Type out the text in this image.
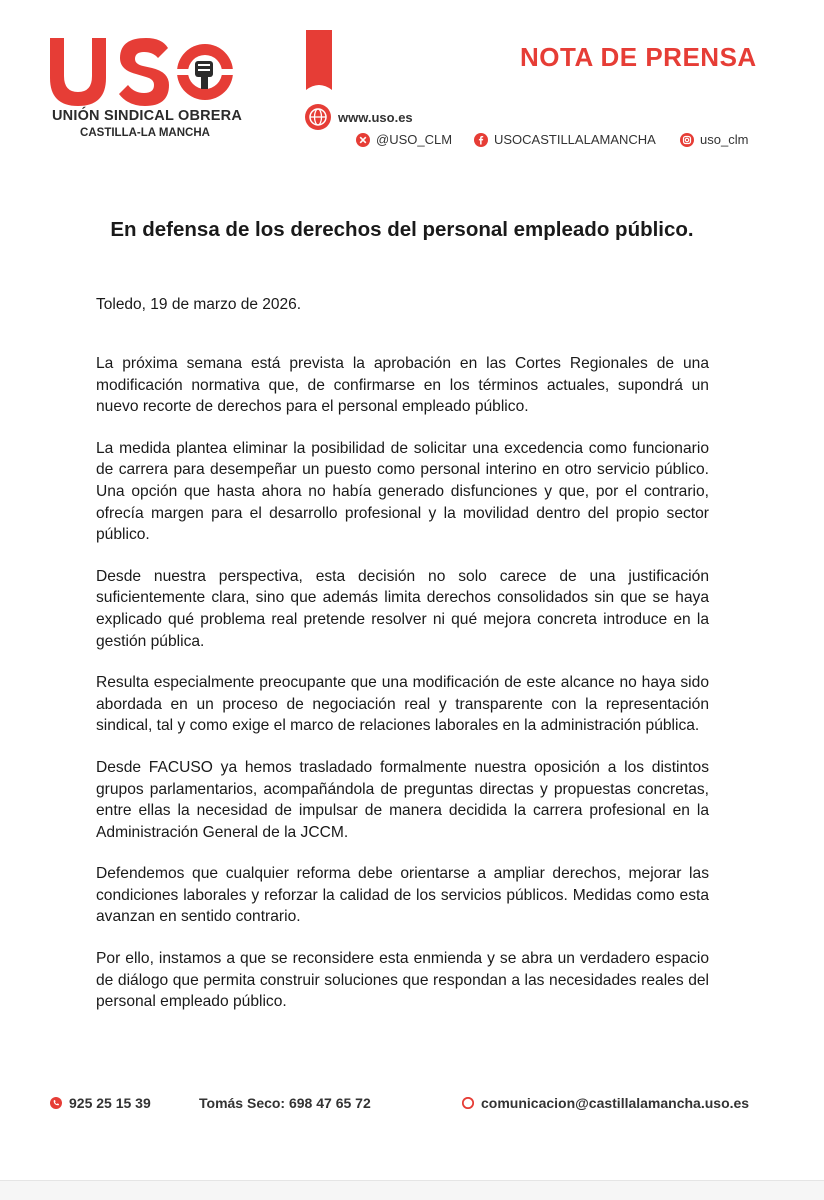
UNIÓN SINDICAL OBRERA
CASTILLA-LA MANCHA
www.uso.es
@USO_CLM	USOCASTILLALAMANCHA	uso_clm
NOTA DE PRENSA
En defensa de los derechos del personal empleado público.
Toledo, 19 de marzo de 2026.

La próxima semana está prevista la aprobación en las Cortes Regionales de una modificación normativa que, de confirmarse en los términos actuales, supondrá un nuevo recorte de derechos para el personal empleado público.

La medida plantea eliminar la posibilidad de solicitar una excedencia como funcionario de carrera para desempeñar un puesto como personal interino en otro servicio público. Una opción que hasta ahora no había generado disfunciones y que, por el contrario, ofrecía margen para el desarrollo profesional y la movilidad dentro del propio sector público.

Desde nuestra perspectiva, esta decisión no solo carece de una justificación suficientemente clara, sino que además limita derechos consolidados sin que se haya explicado qué problema real pretende resolver ni qué mejora concreta introduce en la gestión pública.

Resulta especialmente preocupante que una modificación de este alcance no haya sido abordada en un proceso de negociación real y transparente con la representación sindical, tal y como exige el marco de relaciones laborales en la administración pública.

Desde FACUSO ya hemos trasladado formalmente nuestra oposición a los distintos grupos parlamentarios, acompañándola de preguntas directas y propuestas concretas, entre ellas la necesidad de impulsar de manera decidida la carrera profesional en la Administración General de la JCCM.

Defendemos que cualquier reforma debe orientarse a ampliar derechos, mejorar las condiciones laborales y reforzar la calidad de los servicios públicos. Medidas como esta avanzan en sentido contrario.

Por ello, instamos a que se reconsidere esta enmienda y se abra un verdadero espacio de diálogo que permita construir soluciones que respondan a las necesidades reales del personal empleado público.

925 25 15 39	Tomás Seco: 698 47 65 72	comunicacion@castillalamancha.uso.es
